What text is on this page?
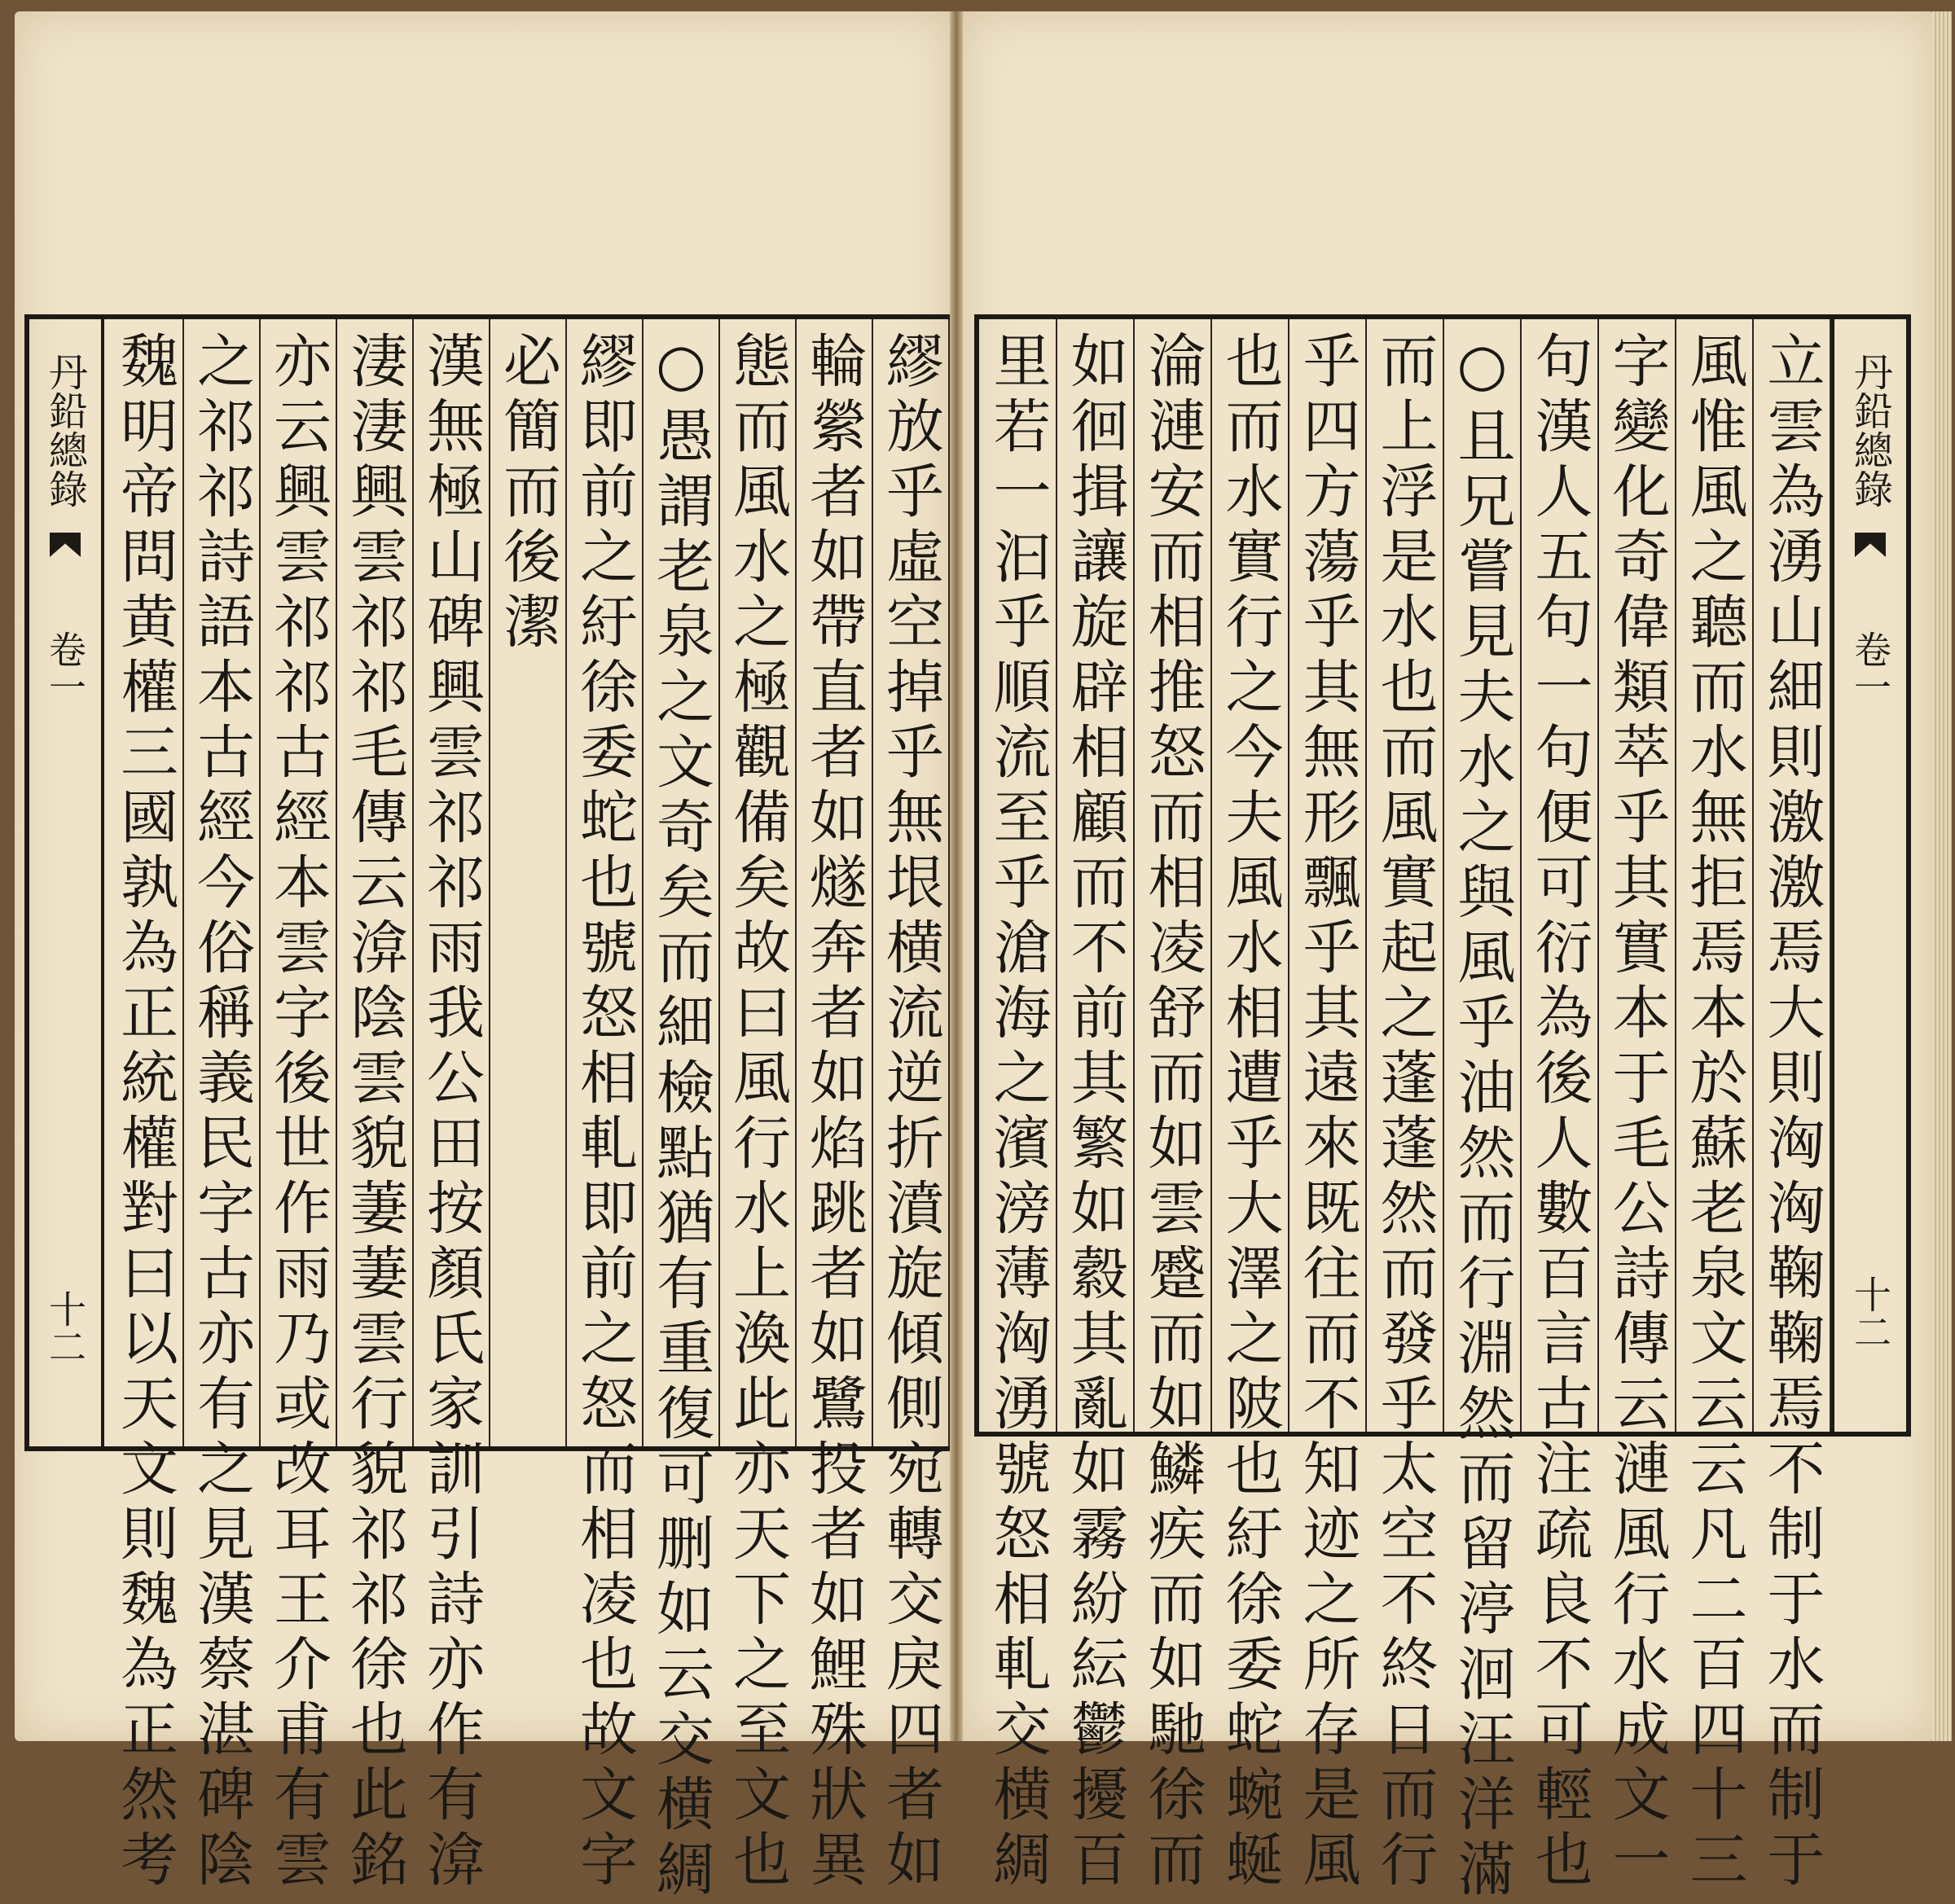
丹鉛總錄
卷一
十二
立雲為湧山細則激激焉大則洶洶鞠鞠焉不制于水而制于
風惟風之聽而水無拒焉本於蘇老泉文云云凡二百四十三
字變化奇偉類萃乎其實本于毛公詩傳云漣風行水成文一
句漢人五句一句便可衍為後人數百言古注疏良不可輕也
○且兄嘗見夫水之與風乎油然而行淵然而留渟洄汪洋滿
而上浮是水也而風實起之蓬蓬然而發乎太空不終日而行
乎四方蕩乎其無形飄乎其遠來既往而不知迹之所存是風
也而水實行之今夫風水相遭乎大澤之陂也紆徐委蛇蜿蜒
淪漣安而相推怒而相凌舒而如雲蹙而如鱗疾而如馳徐而
如徊揖讓旋辟相顧而不前其繁如縠其亂如霧紛紜鬱擾百
里若一汩乎順流至乎滄海之濱滂薄洶湧號怒相軋交横綢
丹鉛總錄
卷一
十二	繆放乎虛空掉乎無垠横流逆折濆旋傾側宛轉交戾四者如
輪縈者如帶直者如燧奔者如焰跳者如鷺投者如鯉殊狀異
態而風水之極觀備矣故曰風行水上渙此亦天下之至文也
○愚謂老泉之文奇矣而細檢點猶有重復可删如云交横綢
繆即前之紆徐委蛇也號怒相軋即前之怒而相凌也故文字
必簡而後潔
漢無極山碑興雲祁祁雨我公田按顏氏家訓引詩亦作有渰
淒淒興雲祁祁毛傳云渰陰雲貌萋萋雲行貌祁祁徐也此銘
亦云興雲祁祁古經本雲字後世作雨乃或改耳王介甫有雲
之祁祁詩語本古經今俗稱義民字古亦有之見漢蔡湛碑陰
魏明帝問黄權三國孰為正統權對曰以天文則魏為正然考
